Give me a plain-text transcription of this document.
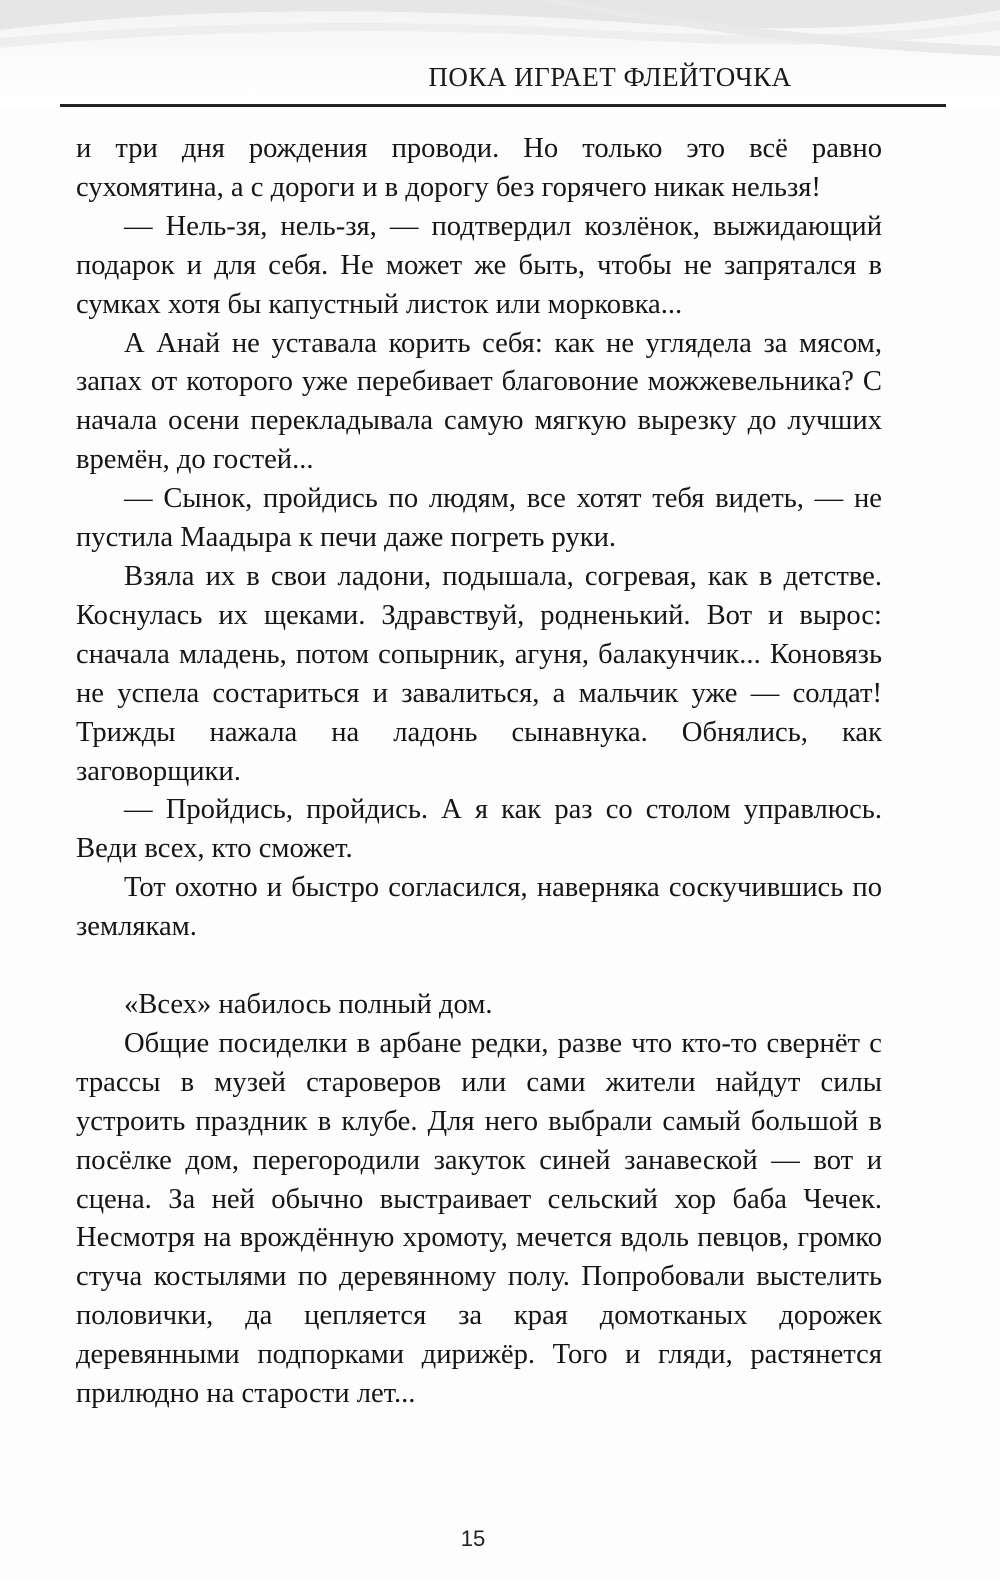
ПОКА ИГРАЕТ ФЛЕЙТОЧКА

и три дня рождения проводи. Но только это всё равно сухомятина, а с дороги и в дорогу без горячего никак нельзя!

— Нель-зя, нель-зя, — подтвердил козлёнок, выжидающий подарок и для себя. Не может же быть, чтобы не запрятался в сумках хотя бы капустный листок или морковка...

А Анай не уставала корить себя: как не углядела за мясом, запах от которого уже перебивает благовоние можжевельника? С начала осени перекладывала самую мягкую вырезку до лучших времён, до гостей...

— Сынок, пройдись по людям, все хотят тебя видеть, — не пустила Маадыра к печи даже погреть руки.

Взяла их в свои ладони, подышала, согревая, как в детстве. Коснулась их щеками. Здравствуй, родненький. Вот и вырос: сначала младень, потом сопырник, агуня, балакунчик... Коновязь не успела состариться и завалиться, а мальчик уже — солдат! Трижды нажала на ладонь сынавнука. Обнялись, как заговорщики.

— Пройдись, пройдись. А я как раз со столом управлюсь. Веди всех, кто сможет.

Тот охотно и быстро согласился, наверняка соскучившись по землякам.

«Всех» набилось полный дом.

Общие посиделки в арбане редки, разве что кто-то свернёт с трассы в музей староверов или сами жители найдут силы устроить праздник в клубе. Для него выбрали самый большой в посёлке дом, перегородили закуток синей занавеской — вот и сцена. За ней обычно выстраивает сельский хор баба Чечек. Несмотря на врождённую хромоту, мечется вдоль певцов, громко стуча костылями по деревянному полу. Попробовали выстелить половички, да цепляется за края домотканых дорожек деревянными подпорками дирижёр. Того и гляди, растянется прилюдно на старости лет...

15
